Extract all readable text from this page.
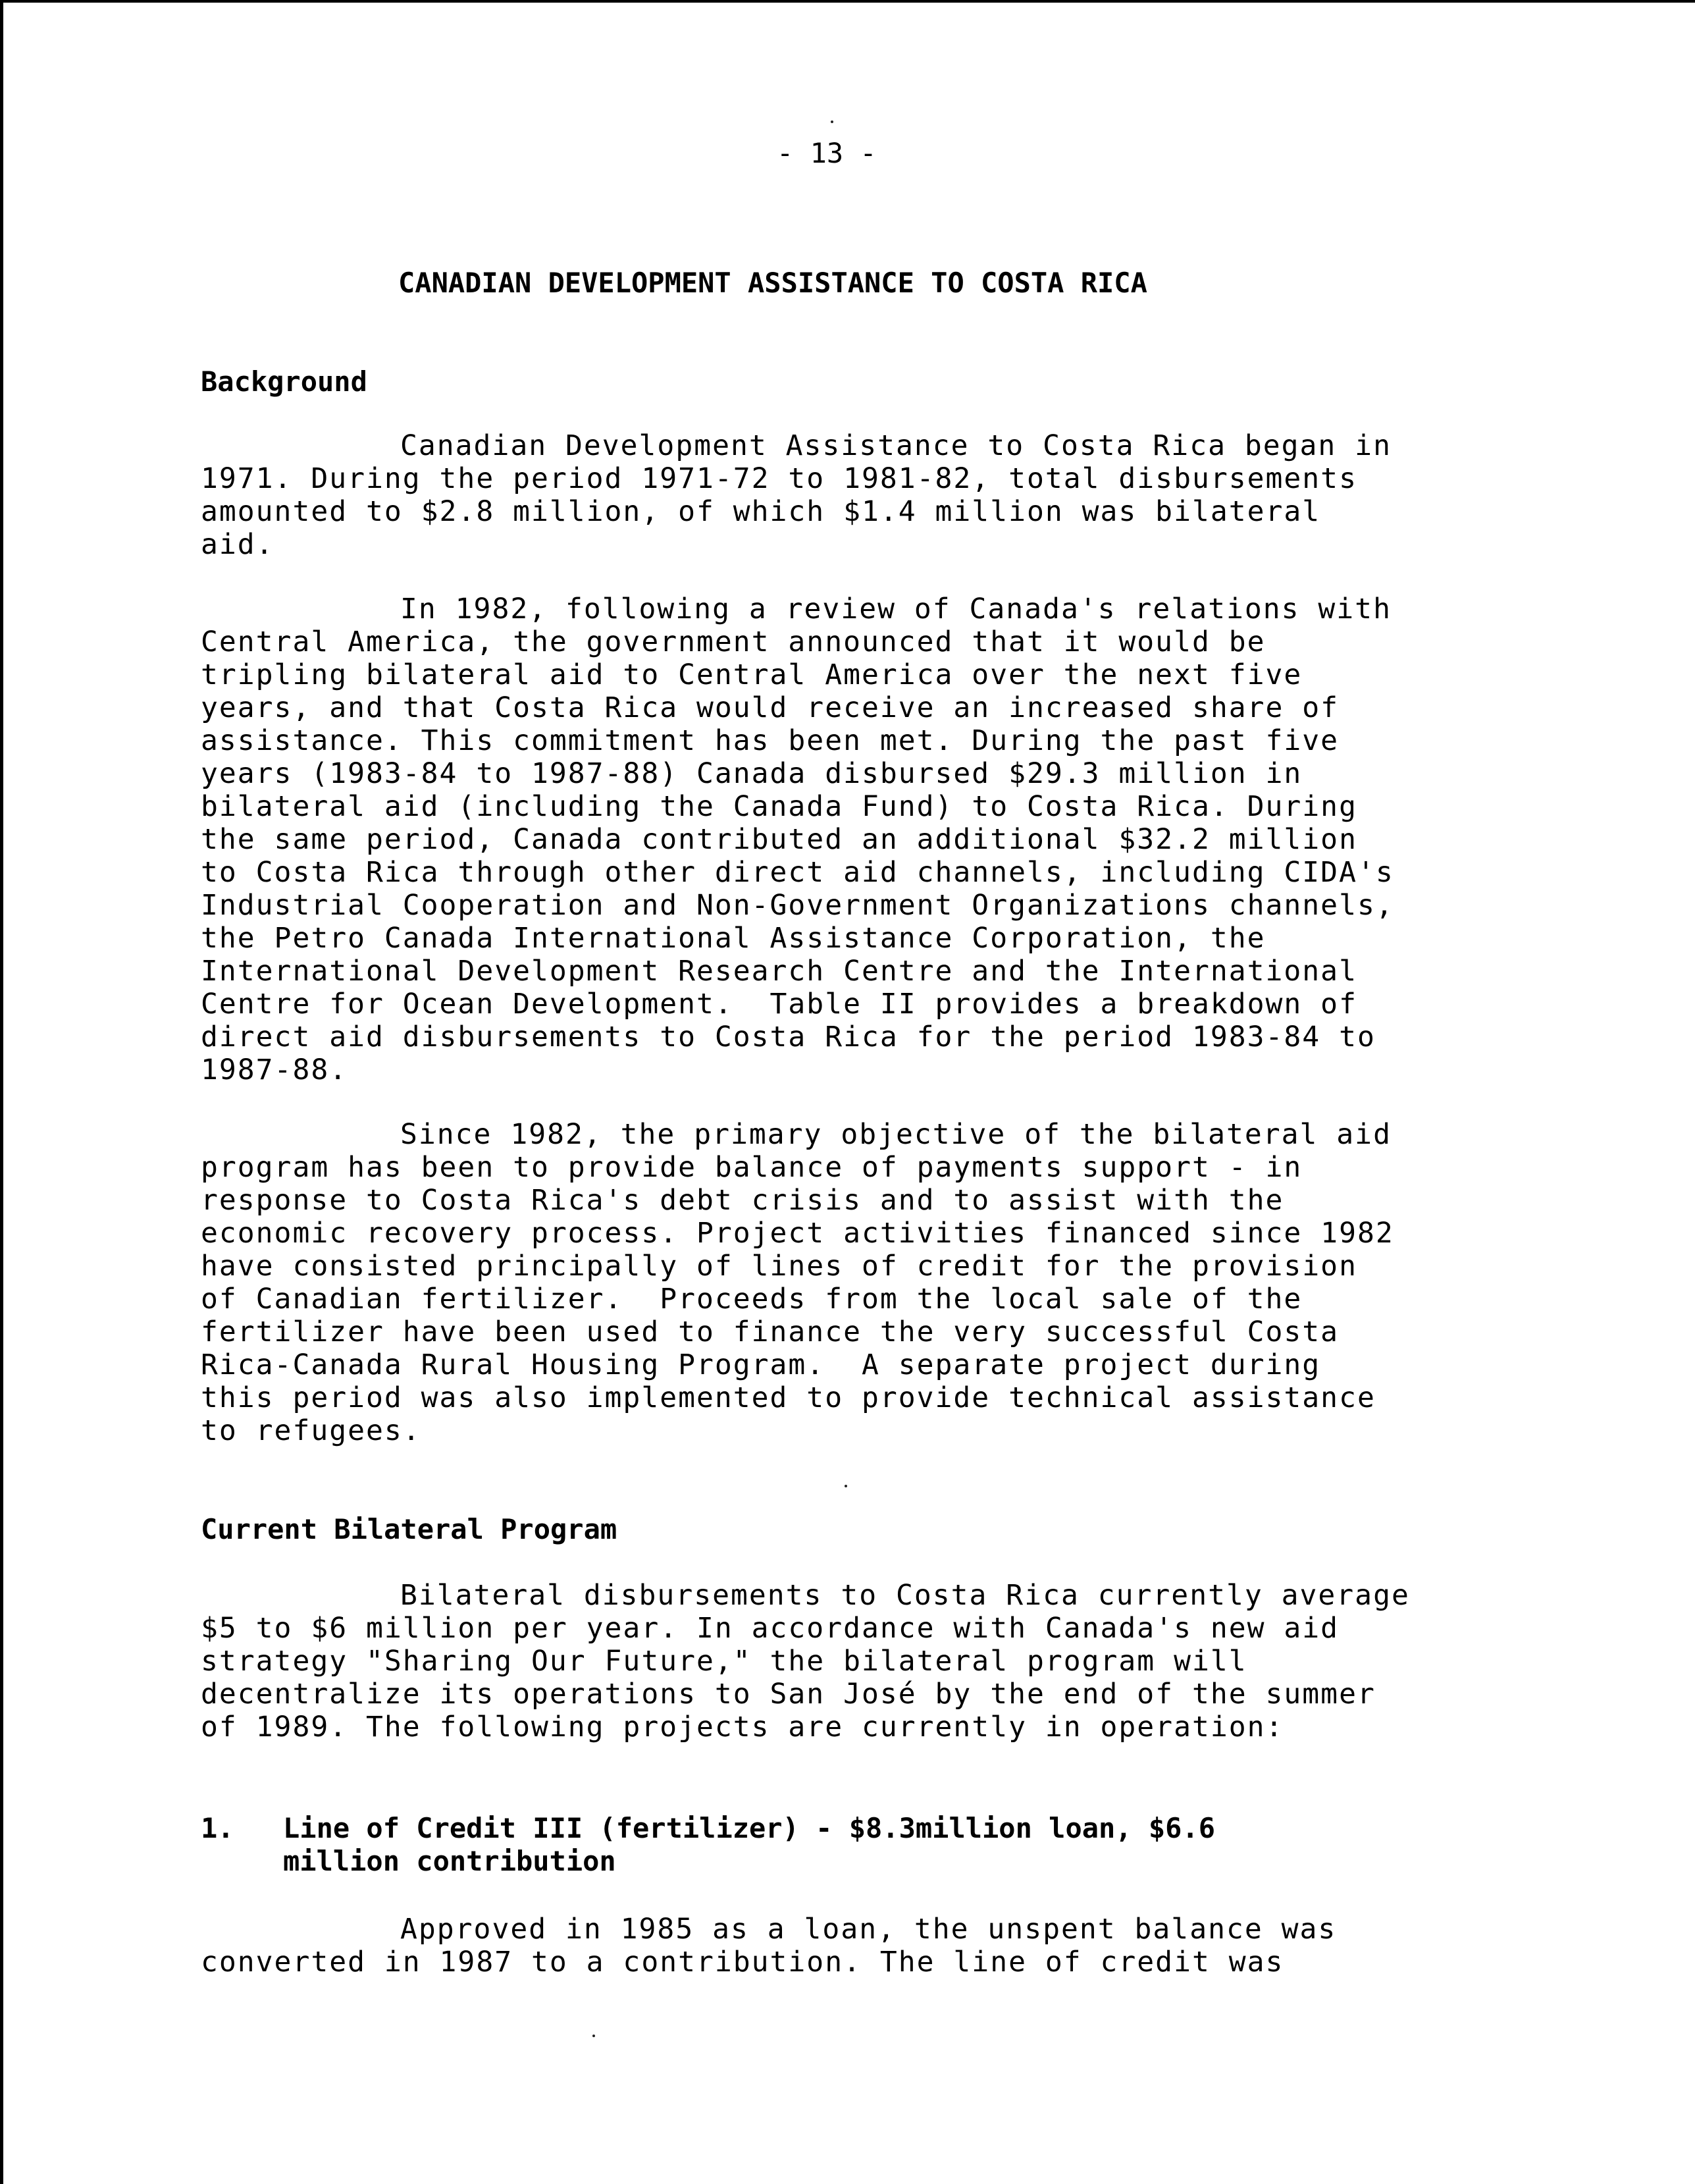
- 13 -
CANADIAN DEVELOPMENT ASSISTANCE TO COSTA RICA
Background
Canadian Development Assistance to Costa Rica began in
1971. During the period 1971-72 to 1981-82, total disbursements
amounted to $2.8 million, of which $1.4 million was bilateral
aid.
In 1982, following a review of Canada's relations with
Central America, the government announced that it would be
tripling bilateral aid to Central America over the next five
years, and that Costa Rica would receive an increased share of
assistance. This commitment has been met. During the past five
years (1983-84 to 1987-88) Canada disbursed $29.3 million in
bilateral aid (including the Canada Fund) to Costa Rica. During
the same period, Canada contributed an additional $32.2 million
to Costa Rica through other direct aid channels, including CIDA's
Industrial Cooperation and Non-Government Organizations channels,
the Petro Canada International Assistance Corporation, the
International Development Research Centre and the International
Centre for Ocean Development.  Table II provides a breakdown of
direct aid disbursements to Costa Rica for the period 1983-84 to
1987-88.
Since 1982, the primary objective of the bilateral aid
program has been to provide balance of payments support - in
response to Costa Rica's debt crisis and to assist with the
economic recovery process. Project activities financed since 1982
have consisted principally of lines of credit for the provision
of Canadian fertilizer.  Proceeds from the local sale of the
fertilizer have been used to finance the very successful Costa
Rica-Canada Rural Housing Program.  A separate project during
this period was also implemented to provide technical assistance
to refugees.
Current Bilateral Program
Bilateral disbursements to Costa Rica currently average
$5 to $6 million per year. In accordance with Canada's new aid
strategy "Sharing Our Future," the bilateral program will
decentralize its operations to San José by the end of the summer
of 1989. The following projects are currently in operation:
1. Line of Credit III (fertilizer) - $8.3million loan, $6.6
million contribution
Approved in 1985 as a loan, the unspent balance was
converted in 1987 to a contribution. The line of credit was
